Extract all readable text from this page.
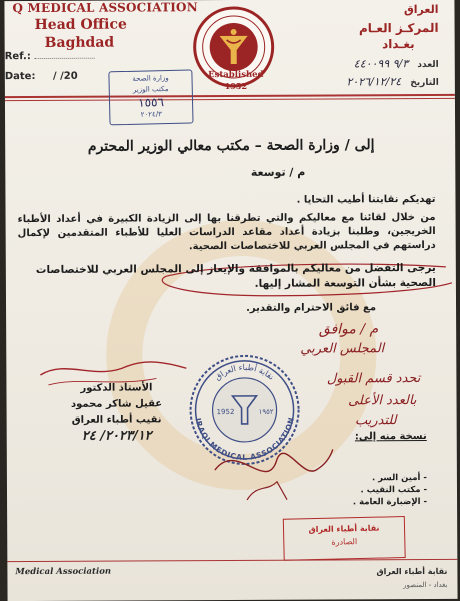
Q MEDICAL ASSOCIATION
Head Office
Baghdad
Ref.:
Date: / /20	Established
1952
العراق
المركـز العـام
بغـداد
العدد ٩/٣ ٤٤٠٠٩٩
التاريخ ٢٠٢٦/١٢/٢٤
وزارة الصحة
مكتب الوزير
١٥٥٦
٢٠٢٤/٣
إلى / وزارة الصحة – مكتب معالي الوزير المحترم
م / توسعة
تهديكم نقابتنا أطيب التحايا .
من خلال لقائنا مع معاليكم والتي تطرقنا بها إلى الزيادة الكبيرة في أعداد الأطباء الخريجين، وطلبنا بزيادة أعداد مقاعد الدراسات العليا للأطباء المتقدمين لإكمال دراستهم في المجلس العربي للاختصاصات الصحية.
يرجى التفضل من معاليكم بالموافقة والإيعاز إلى المجلس العربي للاختصاصات الصحية بشأن التوسعة المشار إليها.
مع فائق الاحترام والتقدير.
م / موافق
المجلس العربي
تحدد قسم القبول
بالعدد الأعلى
للتدريب
الأستاذ الدكتور
عقيل شاكر محمود
نقيب أطباء العراق
٢٠٢٣/١٢/ ٢٤
نقابة أطباء العراق
IRAQI MEDICAL ASSOCIATION
1952	١٩٥٢
نسخة منه إلى:
- أمين السر .
- مكتب النقيب .
- الإضبارة العامة .
نقابة أطباء العراق
الصادرة
Medical Association	نقابة أطباء العراق
بغداد - المنصور
